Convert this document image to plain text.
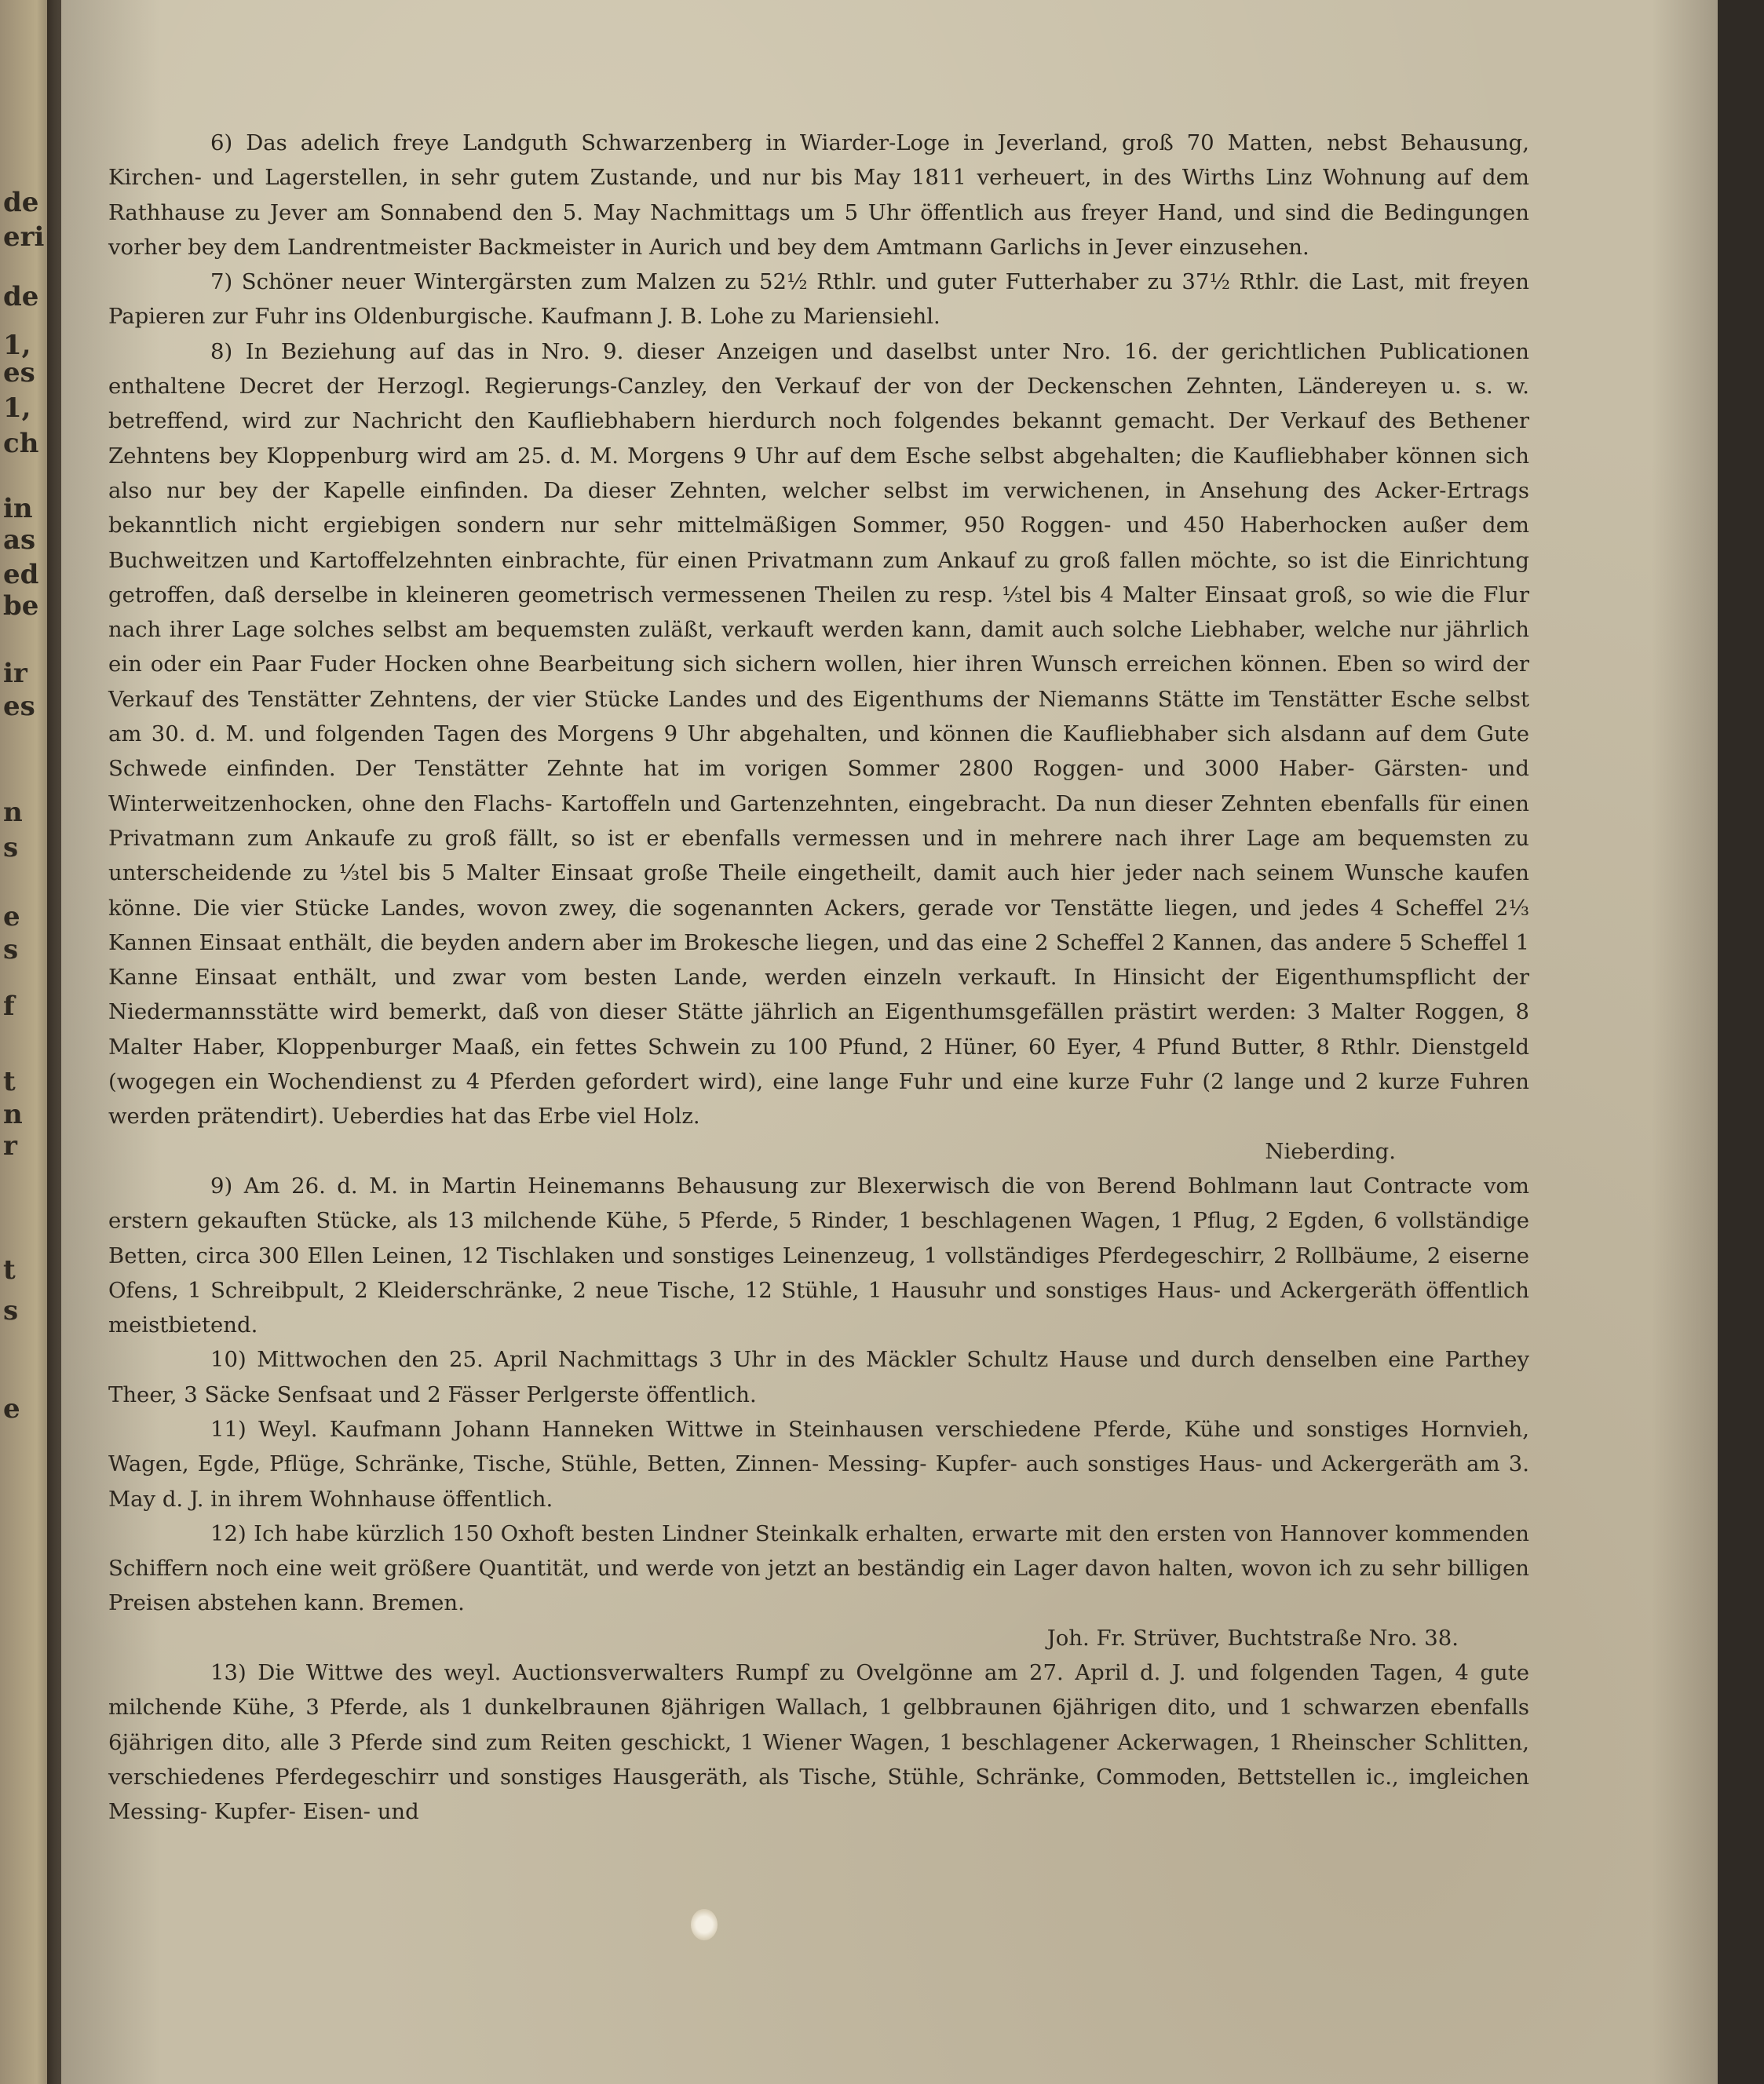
de
eri
de
1,
es
1,
ch
in
as
ed
be
ir
es
n
s
e
s
f
t
n
r
t
s
e

6) Das adelich freye Landguth Schwarzenberg in Wiarder-Loge in Jeverland, groß 70 Matten, nebst Behausung, Kirchen- und Lagerstellen, in sehr gutem Zustande, und nur bis May 1811 verheuert, in des Wirths Linz Wohnung auf dem Rathhause zu Jever am Sonnabend den 5. May Nachmittags um 5 Uhr öffentlich aus freyer Hand, und sind die Bedingungen vorher bey dem Landrentmeister Backmeister in Aurich und bey dem Amtmann Garlichs in Jever einzusehen.

7) Schöner neuer Wintergärsten zum Malzen zu 52½ Rthlr. und guter Futterhaber zu 37½ Rthlr. die Last, mit freyen Papieren zur Fuhr ins Oldenburgische. Kaufmann J. B. Lohe zu Mariensiehl.

8) In Beziehung auf das in Nro. 9. dieser Anzeigen und daselbst unter Nro. 16. der gerichtlichen Publicationen enthaltene Decret der Herzogl. Regierungs-Canzley, den Verkauf der von der Deckenschen Zehnten, Ländereyen u. s. w. betreffend, wird zur Nachricht den Kaufliebhabern hierdurch noch folgendes bekannt gemacht. Der Verkauf des Bethener Zehntens bey Kloppenburg wird am 25. d. M. Morgens 9 Uhr auf dem Esche selbst abgehalten; die Kaufliebhaber können sich also nur bey der Kapelle einfinden. Da dieser Zehnten, welcher selbst im verwichenen, in Ansehung des Acker-Ertrags bekanntlich nicht ergiebigen sondern nur sehr mittelmäßigen Sommer, 950 Roggen- und 450 Haberhocken außer dem Buchweitzen und Kartoffelzehnten einbrachte, für einen Privatmann zum Ankauf zu groß fallen möchte, so ist die Einrichtung getroffen, daß derselbe in kleineren geometrisch vermessenen Theilen zu resp. ⅓tel bis 4 Malter Einsaat groß, so wie die Flur nach ihrer Lage solches selbst am bequemsten zuläßt, verkauft werden kann, damit auch solche Liebhaber, welche nur jährlich ein oder ein Paar Fuder Hocken ohne Bearbeitung sich sichern wollen, hier ihren Wunsch erreichen können. Eben so wird der Verkauf des Tenstätter Zehntens, der vier Stücke Landes und des Eigenthums der Niemanns Stätte im Tenstätter Esche selbst am 30. d. M. und folgenden Tagen des Morgens 9 Uhr abgehalten, und können die Kaufliebhaber sich alsdann auf dem Gute Schwede einfinden. Der Tenstätter Zehnte hat im vorigen Sommer 2800 Roggen- und 3000 Haber- Gärsten- und Winterweitzenhocken, ohne den Flachs- Kartoffeln und Gartenzehnten, eingebracht. Da nun dieser Zehnten ebenfalls für einen Privatmann zum Ankaufe zu groß fällt, so ist er ebenfalls vermessen und in mehrere nach ihrer Lage am bequemsten zu unterscheidende zu ⅓tel bis 5 Malter Einsaat große Theile eingetheilt, damit auch hier jeder nach seinem Wunsche kaufen könne. Die vier Stücke Landes, wovon zwey, die sogenannten Ackers, gerade vor Tenstätte liegen, und jedes 4 Scheffel 2⅓ Kannen Einsaat enthält, die beyden andern aber im Brokesche liegen, und das eine 2 Scheffel 2 Kannen, das andere 5 Scheffel 1 Kanne Einsaat enthält, und zwar vom besten Lande, werden einzeln verkauft. In Hinsicht der Eigenthumspflicht der Niedermannsstätte wird bemerkt, daß von dieser Stätte jährlich an Eigenthumsgefällen prästirt werden: 3 Malter Roggen, 8 Malter Haber, Kloppenburger Maaß, ein fettes Schwein zu 100 Pfund, 2 Hüner, 60 Eyer, 4 Pfund Butter, 8 Rthlr. Dienstgeld (wogegen ein Wochendienst zu 4 Pferden gefordert wird), eine lange Fuhr und eine kurze Fuhr (2 lange und 2 kurze Fuhren werden prätendirt). Ueberdies hat das Erbe viel Holz.

Nieberding.

9) Am 26. d. M. in Martin Heinemanns Behausung zur Blexerwisch die von Berend Bohlmann laut Contracte vom erstern gekauften Stücke, als 13 milchende Kühe, 5 Pferde, 5 Rinder, 1 beschlagenen Wagen, 1 Pflug, 2 Egden, 6 vollständige Betten, circa 300 Ellen Leinen, 12 Tischlaken und sonstiges Leinenzeug, 1 vollständiges Pferdegeschirr, 2 Rollbäume, 2 eiserne Ofens, 1 Schreibpult, 2 Kleiderschränke, 2 neue Tische, 12 Stühle, 1 Hausuhr und sonstiges Haus- und Ackergeräth öffentlich meistbietend.

10) Mittwochen den 25. April Nachmittags 3 Uhr in des Mäckler Schultz Hause und durch denselben eine Parthey Theer, 3 Säcke Senfsaat und 2 Fässer Perlgerste öffentlich.

11) Weyl. Kaufmann Johann Hanneken Wittwe in Steinhausen verschiedene Pferde, Kühe und sonstiges Hornvieh, Wagen, Egde, Pflüge, Schränke, Tische, Stühle, Betten, Zinnen- Messing- Kupfer- auch sonstiges Haus- und Ackergeräth am 3. May d. J. in ihrem Wohnhause öffentlich.

12) Ich habe kürzlich 150 Oxhoft besten Lindner Steinkalk erhalten, erwarte mit den ersten von Hannover kommenden Schiffern noch eine weit größere Quantität, und werde von jetzt an beständig ein Lager davon halten, wovon ich zu sehr billigen Preisen abstehen kann. Bremen.

Joh. Fr. Strüver, Buchtstraße Nro. 38.

13) Die Wittwe des weyl. Auctionsverwalters Rumpf zu Ovelgönne am 27. April d. J. und folgenden Tagen, 4 gute milchende Kühe, 3 Pferde, als 1 dunkelbraunen 8jährigen Wallach, 1 gelbbraunen 6jährigen dito, und 1 schwarzen ebenfalls 6jährigen dito, alle 3 Pferde sind zum Reiten geschickt, 1 Wiener Wagen, 1 beschlagener Ackerwagen, 1 Rheinscher Schlitten, verschiedenes Pferdegeschirr und sonstiges Hausgeräth, als Tische, Stühle, Schränke, Commoden, Bettstellen ic., imgleichen Messing- Kupfer- Eisen- und
